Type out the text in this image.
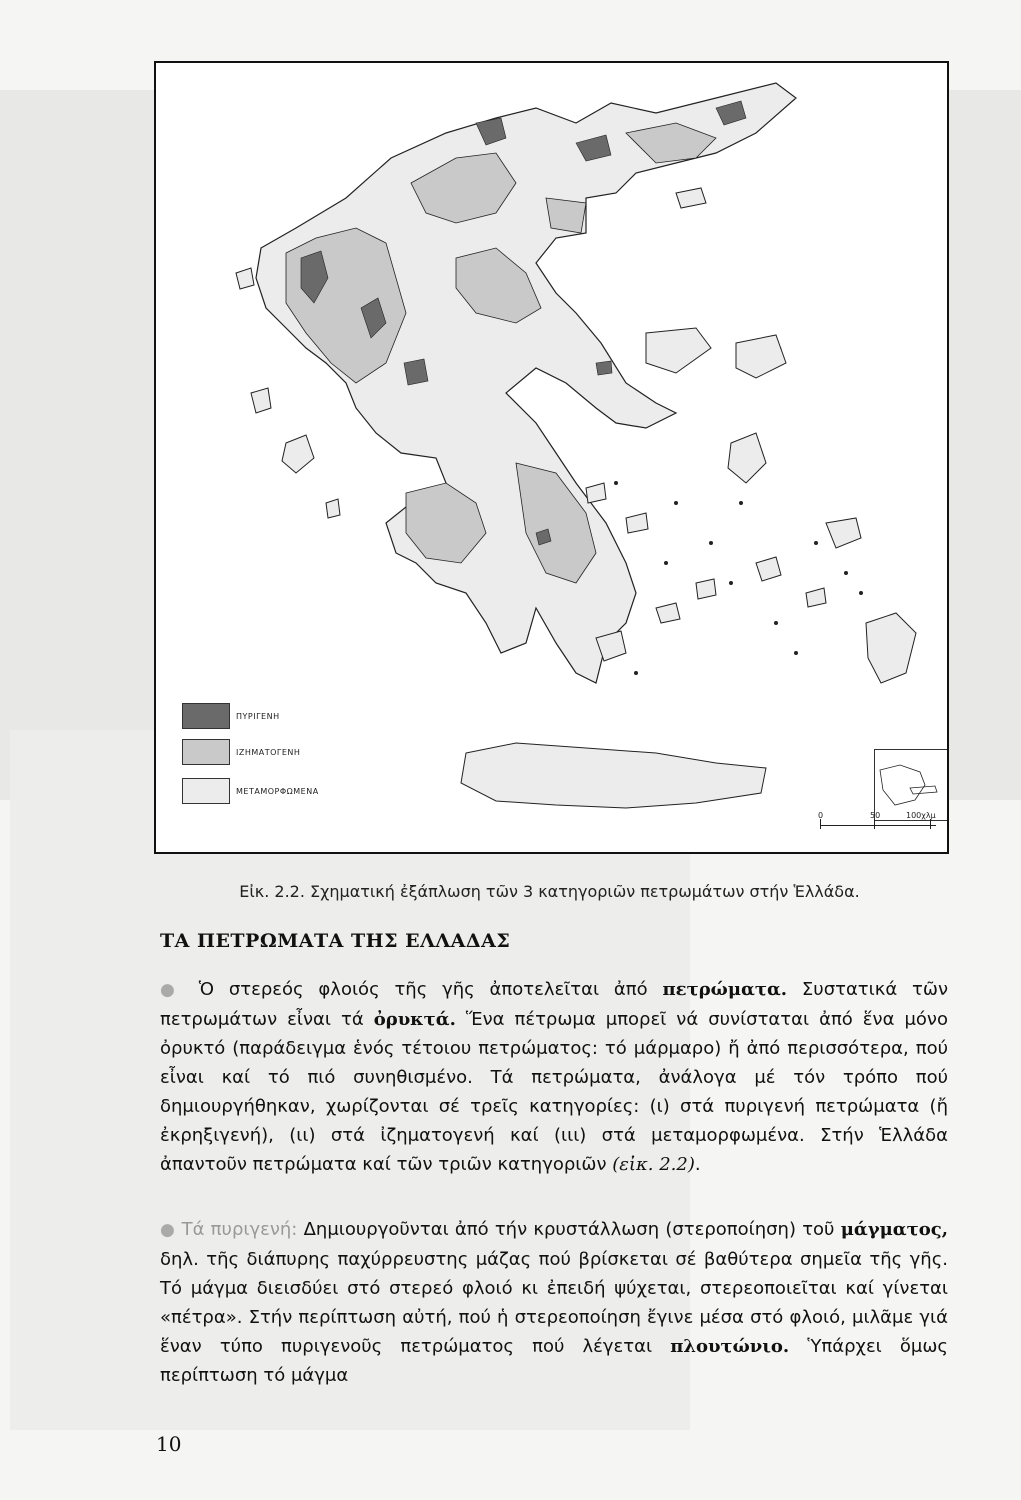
ΠΥΡΙΓΕΝΗ
ΙΖΗΜΑΤΟΓΕΝΗ
ΜΕΤΑΜΟΡΦΩΜΕΝΑ
0	50	100χλμ
Εἰκ. 2.2. Σχηματική ἐξάπλωση τῶν 3 κατηγοριῶν πετρωμάτων στήν Ἑλλάδα.
ΤΑ ΠΕΤΡΩΜΑΤΑ ΤΗΣ ΕΛΛΑΔΑΣ
● Ὁ στερεός φλοιός τῆς γῆς ἀποτελεῖται ἀπό πετρώματα. Συστατικά τῶν πετρωμάτων εἶναι τά ὀρυκτά. Ἕνα πέτρωμα μπορεῖ νά συνίσταται ἀπό ἕνα μόνο ὀρυκτό (παράδειγμα ἑνός τέτοιου πετρώματος: τό μάρμαρο) ἤ ἀπό περισσότερα, πού εἶναι καί τό πιό συνηθισμένο. Τά πετρώματα, ἀνάλογα μέ τόν τρόπο πού δημιουργήθηκαν, χωρίζονται σέ τρεῖς κατηγορίες: (ι) στά πυριγενή πετρώματα (ἤ ἐκρηξιγενή), (ιι) στά ἰζηματογενή καί (ιιι) στά μεταμορφωμένα. Στήν Ἑλλάδα ἀπαντοῦν πετρώματα καί τῶν τριῶν κατηγοριῶν (εἰκ. 2.2).
● Τά πυριγενή: Δημιουργοῦνται ἀπό τήν κρυστάλλωση (στεροποίηση) τοῦ μάγματος, δηλ. τῆς διάπυρης παχύρρευστης μάζας πού βρίσκεται σέ βαθύτερα σημεῖα τῆς γῆς. Τό μάγμα διεισδύει στό στερεό φλοιό κι ἐπειδή ψύχεται, στερεοποιεῖται καί γίνεται «πέτρα». Στήν περίπτωση αὐτή, πού ἡ στερεοποίηση ἔγινε μέσα στό φλοιό, μιλᾶμε γιά ἕναν τύπο πυριγενοῦς πετρώματος πού λέγεται πλουτώνιο. Ὑπάρχει ὅμως περίπτωση τό μάγμα
10
